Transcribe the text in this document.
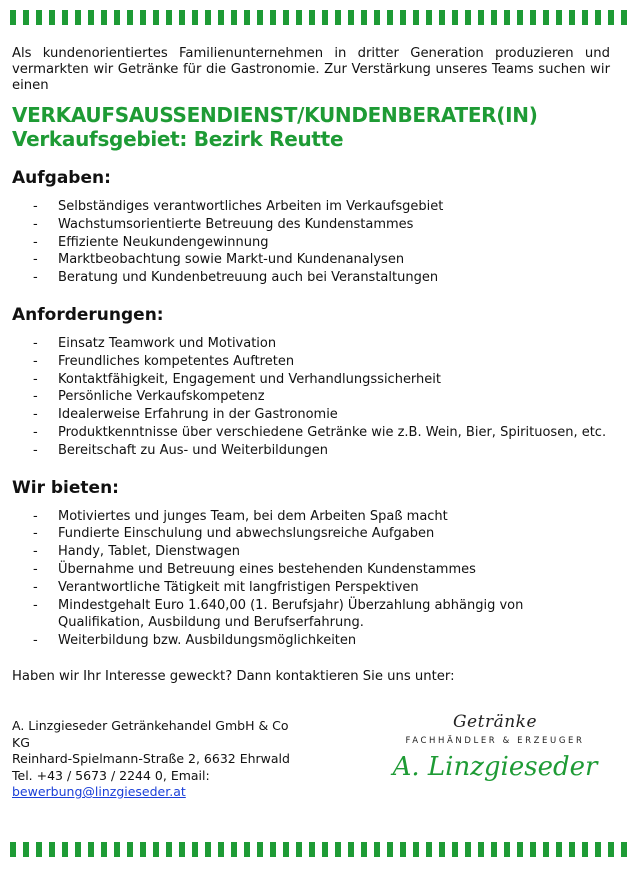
Als kundenorientiertes Familienunternehmen in dritter Generation produzieren und vermarkten wir Getränke für die Gastronomie. Zur Verstärkung unseres Teams suchen wir einen

VERKAUFSAUSSENDIENST/KUNDENBERATER(IN)
Verkaufsgebiet: Bezirk Reutte
Aufgaben:
- Selbständiges verantwortliches Arbeiten im Verkaufsgebiet
- Wachstumsorientierte Betreuung des Kundenstammes
- Effiziente Neukundengewinnung
- Marktbeobachtung sowie Markt-und Kundenanalysen
- Beratung und Kundenbetreuung auch bei Veranstaltungen
Anforderungen:
- Einsatz Teamwork und Motivation
- Freundliches kompetentes Auftreten
- Kontaktfähigkeit, Engagement und Verhandlungssicherheit
- Persönliche Verkaufskompetenz
- Idealerweise Erfahrung in der Gastronomie
- Produktkenntnisse über verschiedene Getränke wie z.B. Wein, Bier, Spirituosen, etc.
- Bereitschaft zu Aus- und Weiterbildungen
Wir bieten:
- Motiviertes und junges Team, bei dem Arbeiten Spaß macht
- Fundierte Einschulung und abwechslungsreiche Aufgaben
- Handy, Tablet, Dienstwagen
- Übernahme und Betreuung eines bestehenden Kundenstammes
- Verantwortliche Tätigkeit mit langfristigen Perspektiven
- Mindestgehalt Euro 1.640,00 (1. Berufsjahr) Überzahlung abhängig von Qualifikation, Ausbildung und Berufserfahrung.
- Weiterbildung bzw. Ausbildungsmöglichkeiten

Haben wir Ihr Interesse geweckt? Dann kontaktieren Sie uns unter:

A. Linzgieseder Getränkehandel GmbH & Co KG
Reinhard-Spielmann-Straße 2, 6632 Ehrwald
Tel. +43 / 5673 / 2244 0, Email:
bewerbung@linzgieseder.at
Getränke
FACHHÄNDLER & ERZEUGER
A. Linzgieseder
